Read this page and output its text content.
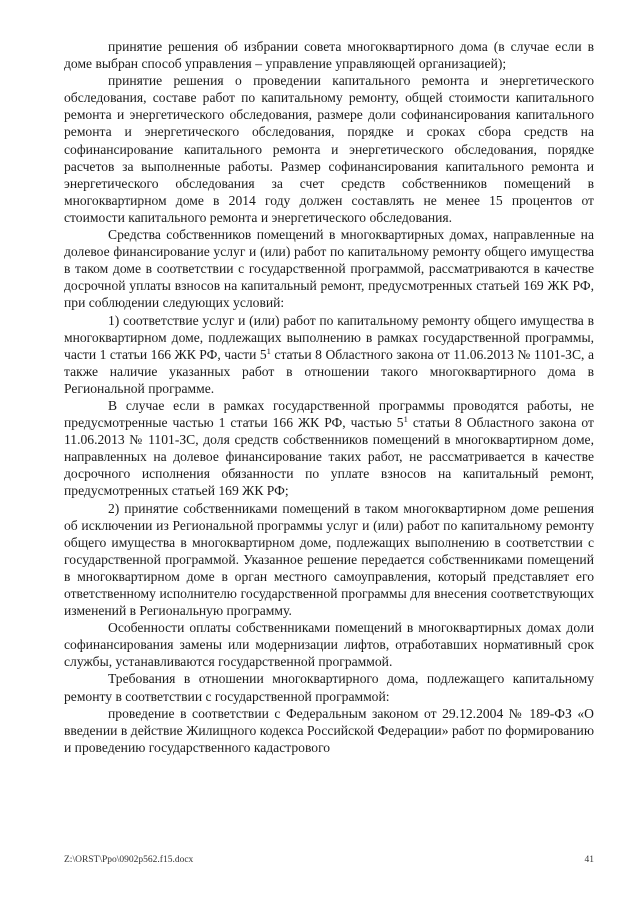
принятие решения об избрании совета многоквартирного дома (в случае если в доме выбран способ управления – управление управляющей организацией);

принятие решения о проведении капитального ремонта и энергетического обследования, составе работ по капитальному ремонту, общей стоимости капитального ремонта и энергетического обследования, размере доли софинансирования капитального ремонта и энергетического обследования, порядке и сроках сбора средств на софинансирование капитального ремонта и энергетического обследования, порядке расчетов за выполненные работы. Размер софинансирования капитального ремонта и энергетического обследования за счет средств собственников помещений в многоквартирном доме в 2014 году должен составлять не менее 15 процентов от стоимости капитального ремонта и энергетического обследования.

Средства собственников помещений в многоквартирных домах, направленные на долевое финансирование услуг и (или) работ по капитальному ремонту общего имущества в таком доме в соответствии с государственной программой, рассматриваются в качестве досрочной уплаты взносов на капитальный ремонт, предусмотренных статьей 169 ЖК РФ, при соблюдении следующих условий:

1) соответствие услуг и (или) работ по капитальному ремонту общего имущества в многоквартирном доме, подлежащих выполнению в рамках государственной программы, части 1 статьи 166 ЖК РФ, части $5^1$ статьи 8 Областного закона от 11.06.2013 № 1101-ЗС, а также наличие указанных работ в отношении такого многоквартирного дома в Региональной программе.

В случае если в рамках государственной программы проводятся работы, не предусмотренные частью 1 статьи 166 ЖК РФ, частью $5^1$ статьи 8 Областного закона от 11.06.2013 № 1101-ЗС, доля средств собственников помещений в многоквартирном доме, направленных на долевое финансирование таких работ, не рассматривается в качестве досрочного исполнения обязанности по уплате взносов на капитальный ремонт, предусмотренных статьей 169 ЖК РФ;

2) принятие собственниками помещений в таком многоквартирном доме решения об исключении из Региональной программы услуг и (или) работ по капитальному ремонту общего имущества в многоквартирном доме, подлежащих выполнению в соответствии с государственной программой. Указанное решение передается собственниками помещений в многоквартирном доме в орган местного самоуправления, который представляет его ответственному исполнителю государственной программы для внесения соответствующих изменений в Региональную программу.

Особенности оплаты собственниками помещений в многоквартирных домах доли софинансирования замены или модернизации лифтов, отработавших нормативный срок службы, устанавливаются государственной программой.

Требования в отношении многоквартирного дома, подлежащего капитальному ремонту в соответствии с государственной программой:

проведение в соответствии с Федеральным законом от 29.12.2004 № 189-ФЗ «О введении в действие Жилищного кодекса Российской Федерации» работ по формированию и проведению государственного кадастрового

Z:\ORST\Ppo\0902p562.f15.docx	41
